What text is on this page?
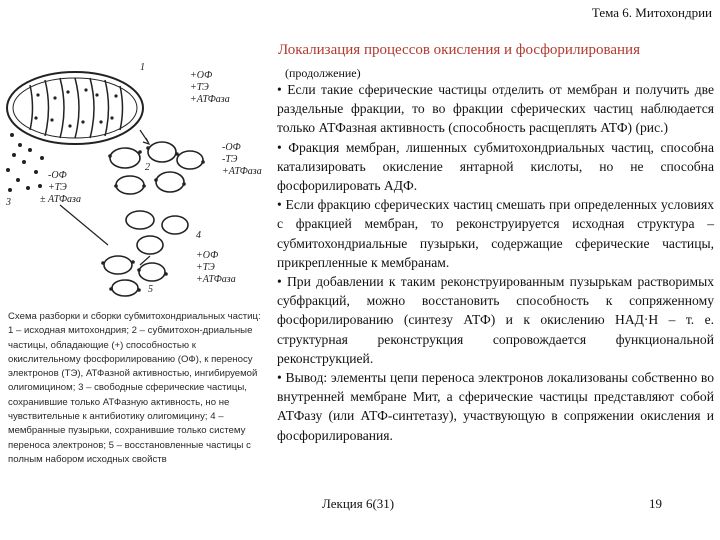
Тема 6. Митохондрии
Локализация процессов окисления и фосфорилирования
(продолжение)

• Если такие сферические частицы отделить от мембран и получить две раздельные фракции, то во фракции сферических частиц наблюдается только АТФазная активность (способность расщеплять АТФ) (рис.)

• Фракция мембран, лишенных субмитохондриальных частиц, способна катализировать окисление янтарной кислоты, но не способна фосфорилировать АДФ.

• Если фракцию сферических частиц смешать при определенных условиях с фракцией мембран, то реконструируется исходная структура – субмитохондриальные пузырьки, содержащие сферические частицы, прикрепленные к мембранам.

• При добавлении к таким реконструированным пузырькам растворимых субфракций, можно восстановить способность к сопряженному фосфорилированию (синтезу АТФ) и к окислению НАД·Н – т. е. структурная реконструкция сопровождается функциональной реконструкцией.

• Вывод: элементы цепи переноса электронов локализованы собственно во внутренней мембране Мит, а сферические частицы представляют собой АТФазу (или АТФ-синтетазу), участвующую в сопряжении окисления и фосфорилирования.

1
+ОФ
+ТЭ
+АТФаза
2
-ОФ
-ТЭ
+АТФаза
3
4
-ОФ
+ТЭ
± АТФаза
5
+ОФ
+ТЭ
+АТФаза
Схема разборки и сборки субмитохондриальных частиц: 1 – исходная митохондрия; 2 – субмитохон-дриальные частицы, обладающие (+) способностью к окислительному фосфорилированию (ОФ), к переносу электронов (ТЭ), АТФазной активностью, ингибируемой олигомицином; 3 – свободные сферические частицы, сохранившие только АТФазную активность, но не чувствительные к антибиотику олигомицину; 4 – мембранные пузырьки, сохранившие только систему переноса электронов; 5 – восстановленные частицы с полным набором исходных свойств
Лекция 6(31)	19
